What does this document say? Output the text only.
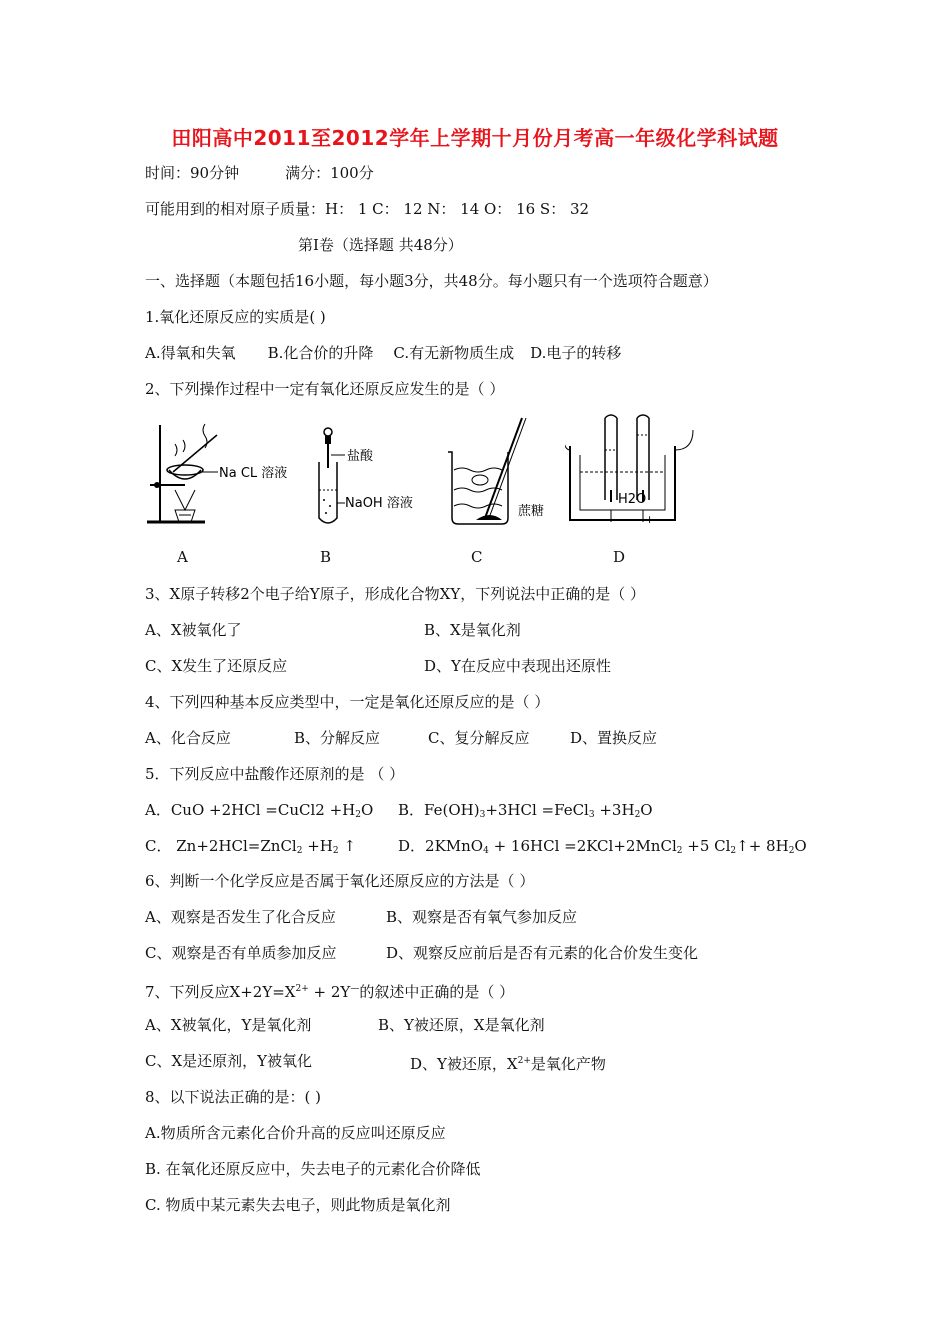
田阳高中2011至2012学年上学期十月份月考高一年级化学科试题
时间：90分钟	满分：100分
可能用到的相对原子质量：H： 1 C： 12 N： 14 O： 16 S： 32
第Ⅰ卷（选择题 共48分）
一、选择题（本题包括16小题，每小题3分，共48分。每小题只有一个选项符合题意）
1.氧化还原反应的实质是( )
A.得氧和失氧 B.化合价的升降 C.有无新物质生成 D.电子的转移
2、下列操作过程中一定有氧化还原反应发生的是（ ）
Na CL 溶液
盐酸
NaOH 溶液
蔗糖
H2O
−	+
A	B	C	D
3、X原子转移2个电子给Y原子，形成化合物XY，下列说法中正确的是（ ）
A、X被氧化了	B、X是氧化剂
C、X发生了还原反应	D、Y在反应中表现出还原性
4、下列四种基本反应类型中，一定是氧化还原反应的是（ ）
A、化合反应	B、分解反应	C、复分解反应	D、置换反应
5．下列反应中盐酸作还原剂的是 （ ）
A．CuO +2HCl =CuCl2 $+H_2O$ B．$Fe(OH)_3+3HCl$ =FeCl$_3$ $+3H_2O$
C． Zn+2HCl=ZnCl$_2$ $+H_2$ ↑	D．2KMnO$_4$ + 16HCl =2KCl+2MnCl$_2$ +5 $Cl_2↑+ 8H_2O$
6、判断一个化学反应是否属于氧化还原反应的方法是（ ）
A、观察是否发生了化合反应	B、观察是否有氧气参加反应
C、观察是否有单质参加反应	D、观察反应前后是否有元素的化合价发生变化
7、下列反应$X+2Y=X^{2+} + 2Y^—$的叙述中正确的是（ ）
A、X被氧化，Y是氧化剂	B、Y被还原，X是氧化剂
C、X是还原剂，Y被氧化	D、Y被还原，$X^{2+}$是氧化产物
8、以下说法正确的是：( )
A.物质所含元素化合价升高的反应叫还原反应
B. 在氧化还原反应中，失去电子的元素化合价降低
C. 物质中某元素失去电子，则此物质是氧化剂
